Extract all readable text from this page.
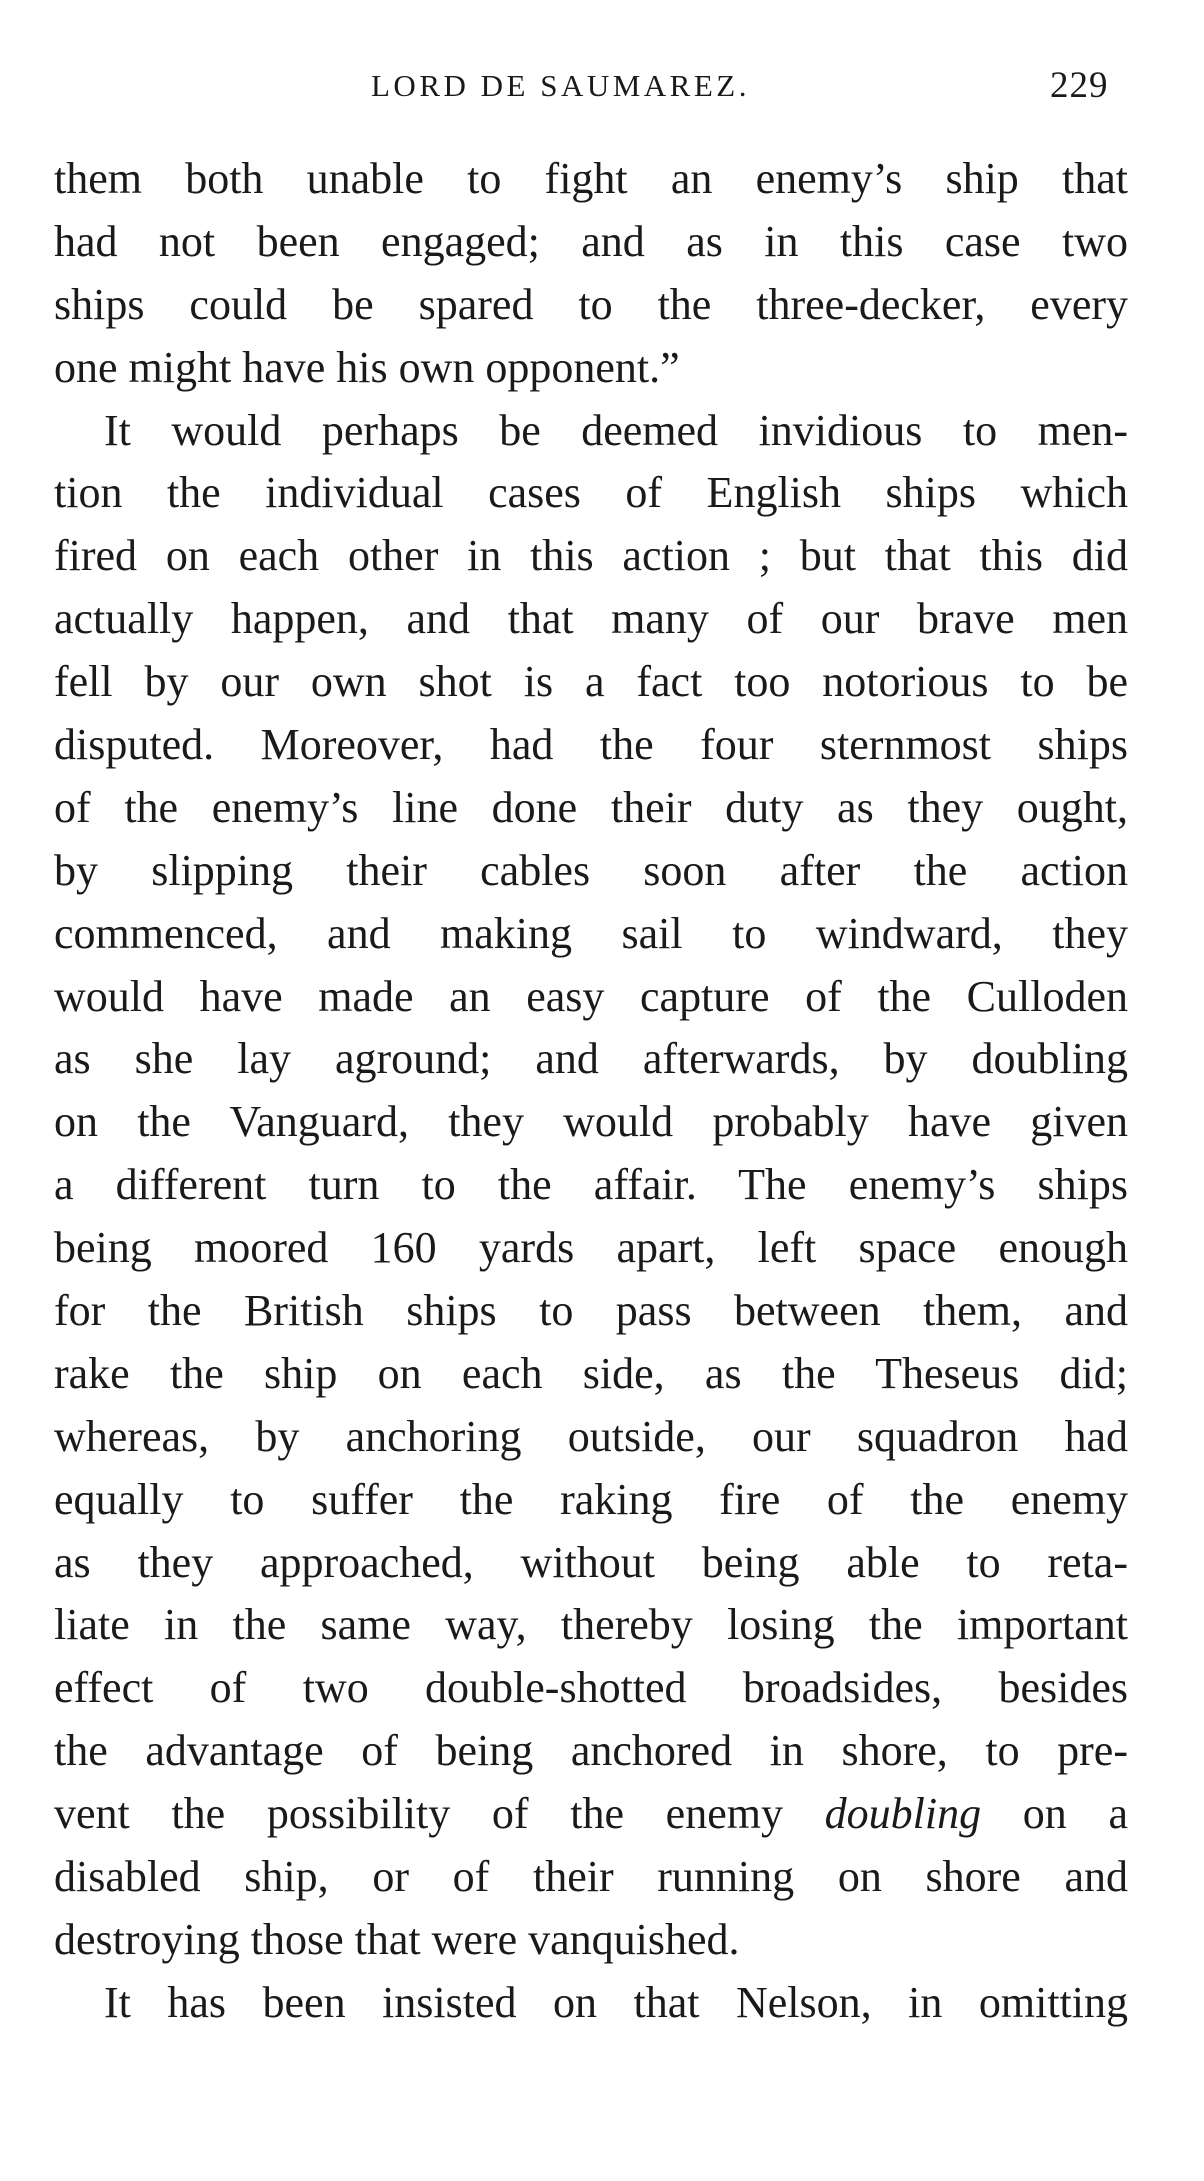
LORD DE SAUMAREZ.	229
them both unable to fight an enemy’s ship that
had not been engaged; and as in this case two
ships could be spared to the three-decker, every
one might have his own opponent.”
It would perhaps be deemed invidious to men-
tion the individual cases of English ships which
fired on each other in this action ; but that this did
actually happen, and that many of our brave men
fell by our own shot is a fact too notorious to be
disputed. Moreover, had the four sternmost ships
of the enemy’s line done their duty as they ought,
by slipping their cables soon after the action
commenced, and making sail to windward, they
would have made an easy capture of the Culloden
as she lay aground; and afterwards, by doubling
on the Vanguard, they would probably have given
a different turn to the affair. The enemy’s ships
being moored 160 yards apart, left space enough
for the British ships to pass between them, and
rake the ship on each side, as the Theseus did;
whereas, by anchoring outside, our squadron had
equally to suffer the raking fire of the enemy
as they approached, without being able to reta-
liate in the same way, thereby losing the important
effect of two double-shotted broadsides, besides
the advantage of being anchored in shore, to pre-
vent the possibility of the enemy doubling on a
disabled ship, or of their running on shore and
destroying those that were vanquished.
It has been insisted on that Nelson, in omitting
